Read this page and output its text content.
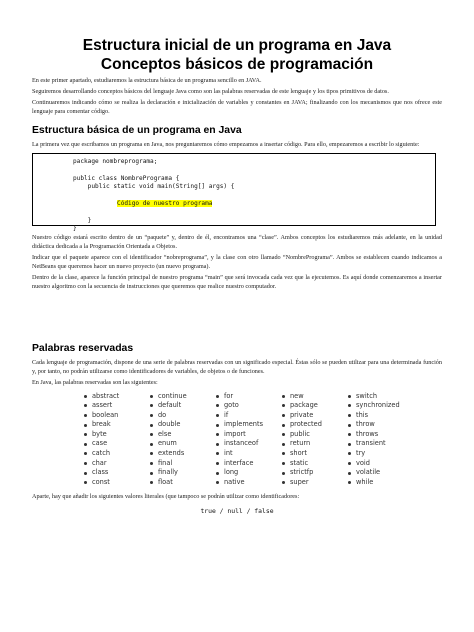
Estructura inicial de un programa en Java
Conceptos básicos de programación

En este primer apartado, estudiaremos la estructura básica de un programa sencillo en JAVA.

Seguiremos desarrollando conceptos básicos del lenguaje Java como son las palabras reservadas de este lenguaje y los tipos primitivos de datos.

Continuaremos indicando cómo se realiza la declaración e inicialización de variables y constantes en JAVA; finalizando con los mecanismos que nos ofrece este lenguaje para comentar código.

Estructura básica de un programa en Java

La primera vez que escribamos un programa en Java, nos preguntaremos cómo empezamos a insertar código. Para ello, empezaremos a escribir lo siguiente:

package nombreprograma;
public class NombrePrograma {
public static void main(String[] args) {
Código de nuestro programa
}
}

Nuestro código estará escrito dentro de un “paquete” y, dentro de él, encontramos una “clase”. Ambos conceptos los estudiaremos más adelante, en la unidad didáctica dedicada a la Programación Orientada a Objetos.

Indicar que el paquete aparece con el identificador “nobreprograma”, y la clase con otro llamado “NombrePrograma”. Ambos se establecen cuando indicamos a NetBeans que queremos hacer un nuevo proyecto (un nuevo programa).

Dentro de la clase, aparece la función principal de nuestro programa “main” que será invocada cada vez que la ejecutemos. Es aquí donde comenzaremos a insertar nuestro algoritmo con la secuencia de instrucciones que queremos que realice nuestro computador.

Palabras reservadas

Cada lenguaje de programación, dispone de una serie de palabras reservadas con un significado especial. Éstas sólo se pueden utilizar para una determinada función y, por tanto, no podrán utilizarse como identificadores de variables, de objetos o de funciones.

En Java, las palabras reservadas son las siguientes:

abstract
assert
boolean
break
byte
case
catch
char
class
const
continue
default
do
double
else
enum
extends
final
finally
float
for
goto
if
implements
import
instanceof
int
interface
long
native
new
package
private
protected
public
return
short
static
strictfp
super
switch
synchronized
this
throw
throws
transient
try
void
volatile
while

Aparte, hay que añadir los siguientes valores literales (que tampoco se podrán utilizar como identificadores:

true / null / false
